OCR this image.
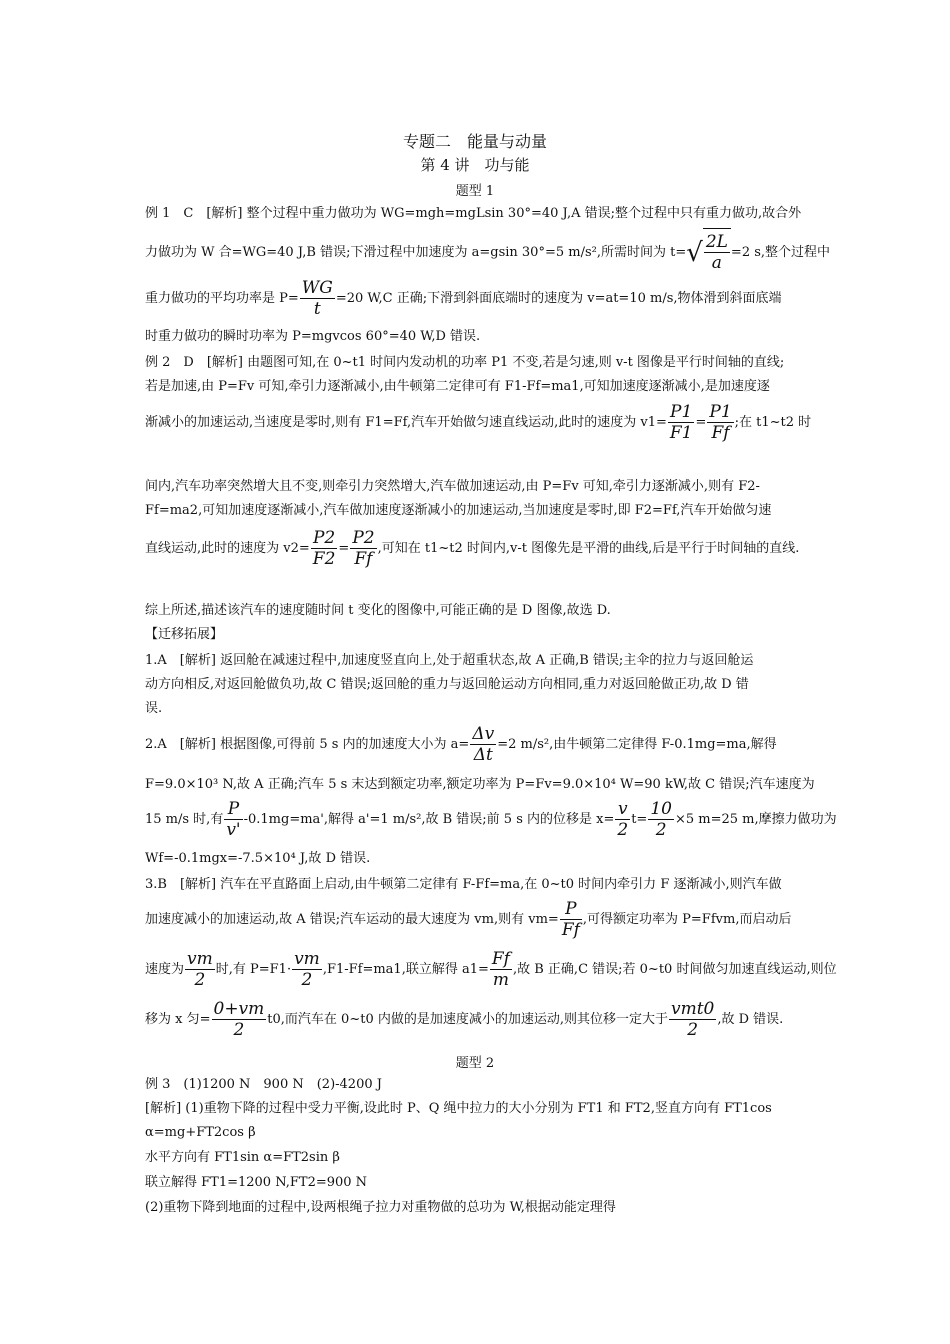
专题二　能量与动量
第 4 讲　功与能
题型 1
例 1　C　[解析] 整个过程中重力做功为 WG=mgh=mgLsin 30°=40 J,A 错误;整个过程中只有重力做功,故合外
力做功为 W 合=WG=40 J,B 错误;下滑过程中加速度为 a=gsin 30°=5 m/s²,所需时间为 $t=√ \frac{2L}{a} =2$ s,整个过程中
重力做功的平均功率是 $P= \frac{WG}{t} =20$ W,C 正确;下滑到斜面底端时的速度为 v=at=10 m/s,物体滑到斜面底端
时重力做功的瞬时功率为 P=mgvcos 60°=40 W,D 错误.
例 2　D　[解析] 由题图可知,在 0~t1 时间内发动机的功率 P1 不变,若是匀速,则 v-t 图像是平行时间轴的直线;
若是加速,由 P=Fv 可知,牵引力逐渐减小,由牛顿第二定律可有 F1-Ff=ma1,可知加速度逐渐减小,是加速度逐
渐减小的加速运动,当速度是零时,则有 F1=Ff,汽车开始做匀速直线运动,此时的速度为 $v1= \frac{P1}{F1} = \frac{P1}{Ff}$ ;在 t1~t2 时
间内,汽车功率突然增大且不变,则牵引力突然增大,汽车做加速运动,由 P=Fv 可知,牵引力逐渐减小,则有 F2-
Ff=ma2,可知加速度逐渐减小,汽车做加速度逐渐减小的加速运动,当加速度是零时,即 F2=Ff,汽车开始做匀速
直线运动,此时的速度为 $v2= \frac{P2}{F2} = \frac{P2}{Ff}$ ,可知在 t1~t2 时间内,v-t 图像先是平滑的曲线,后是平行于时间轴的直线.
综上所述,描述该汽车的速度随时间 t 变化的图像中,可能正确的是 D 图像,故选 D.
【迁移拓展】
1.A　[解析] 返回舱在减速过程中,加速度竖直向上,处于超重状态,故 A 正确,B 错误;主伞的拉力与返回舱运
动方向相反,对返回舱做负功,故 C 错误;返回舱的重力与返回舱运动方向相同,重力对返回舱做正功,故 D 错
误.
2.A　[解析] 根据图像,可得前 5 s 内的加速度大小为 $a= \frac{\Delta v}{\Delta t} =2$ m/s²,由牛顿第二定律得 F-0.1mg=ma,解得
F=9.0×10³ N,故 A 正确;汽车 5 s 末达到额定功率,额定功率为 P=Fv=9.0×10⁴ W=90 kW,故 C 错误;汽车速度为
15 m/s 时,有 $\frac{P}{v'} -0.1mg=ma'$,解得 a'=1 m/s²,故 B 错误;前 5 s 内的位移是 $x= \frac{v}{2} t= \frac{10}{2} \times 5$ m=25 m,摩擦力做功为
Wf=-0.1mgx=-7.5×10⁴ J,故 D 错误.
3.B　[解析] 汽车在平直路面上启动,由牛顿第二定律有 F-Ff=ma,在 0~t0 时间内牵引力 F 逐渐减小,则汽车做
加速度减小的加速运动,故 A 错误;汽车运动的最大速度为 vm,则有 $vm= \frac{P}{Ff}$ ,可得额定功率为 P=Ffvm,而启动后
速度为 $\frac{vm}{2}$ 时,有 $P=F1\cdot \frac{vm}{2} ,F1-Ff=ma1$,联立解得 $a1= \frac{Ff}{m}$ ,故 B 正确,C 错误;若 0~t0 时间做匀加速直线运动,则位
移为 x 匀= $\frac{0+vm}{2} t0$,而汽车在 0~t0 内做的是加速度减小的加速运动,则其位移一定大于 $\frac{\text{vmt0}}{2}$ ,故 D 错误.
题型 2
例 3　(1)1200 N　900 N　(2)-4200 J
[解析] (1)重物下降的过程中受力平衡,设此时 P、Q 绳中拉力的大小分别为 FT1 和 FT2,竖直方向有 FT1cos
α=mg+FT2cos β
水平方向有 FT1sin α=FT2sin β
联立解得 FT1=1200 N,FT2=900 N
(2)重物下降到地面的过程中,设两根绳子拉力对重物做的总功为 W,根据动能定理得
